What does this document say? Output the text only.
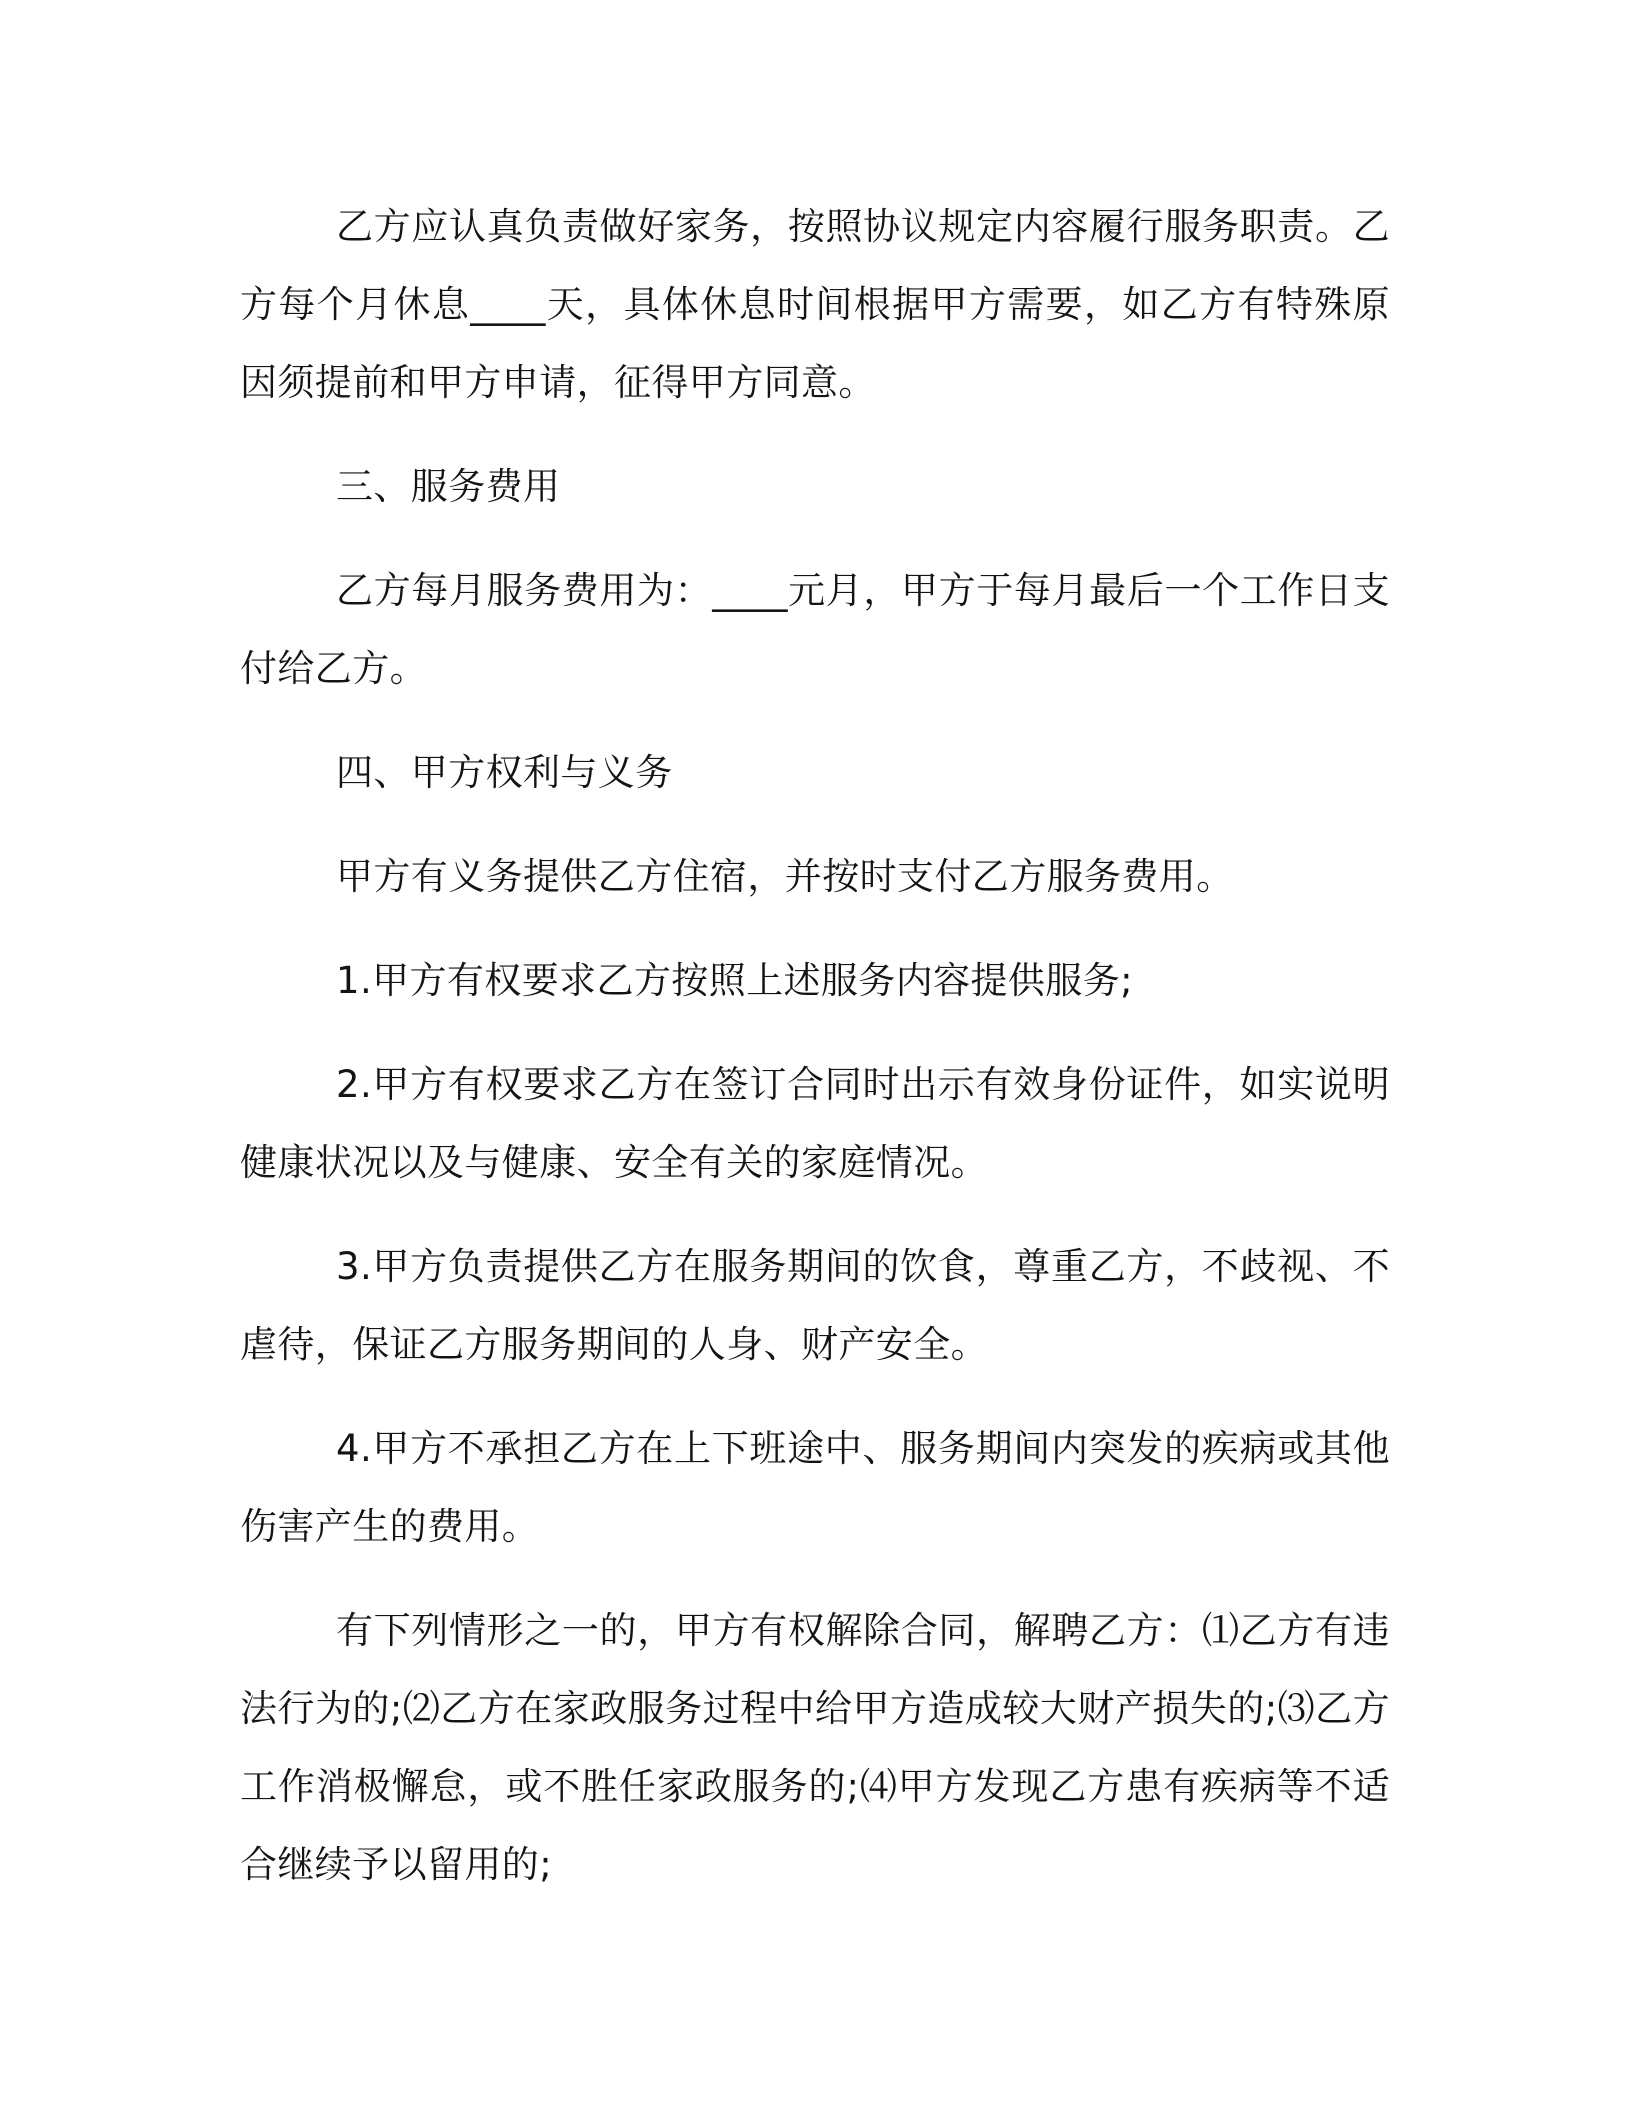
乙方应认真负责做好家务，按照协议规定内容履行服务职责。乙方每个月休息____天，具体休息时间根据甲方需要，如乙方有特殊原因须提前和甲方申请，征得甲方同意。

三、服务费用

乙方每月服务费用为：____元月，甲方于每月最后一个工作日支付给乙方。

四、甲方权利与义务

甲方有义务提供乙方住宿，并按时支付乙方服务费用。

1.甲方有权要求乙方按照上述服务内容提供服务;

2.甲方有权要求乙方在签订合同时出示有效身份证件，如实说明健康状况以及与健康、安全有关的家庭情况。

3.甲方负责提供乙方在服务期间的饮食，尊重乙方，不歧视、不虐待，保证乙方服务期间的人身、财产安全。

4.甲方不承担乙方在上下班途中、服务期间内突发的疾病或其他伤害产生的费用。

有下列情形之一的，甲方有权解除合同，解聘乙方：⑴乙方有违法行为的;⑵乙方在家政服务过程中给甲方造成较大财产损失的;⑶乙方工作消极懈怠，或不胜任家政服务的;⑷甲方发现乙方患有疾病等不适合继续予以留用的;
